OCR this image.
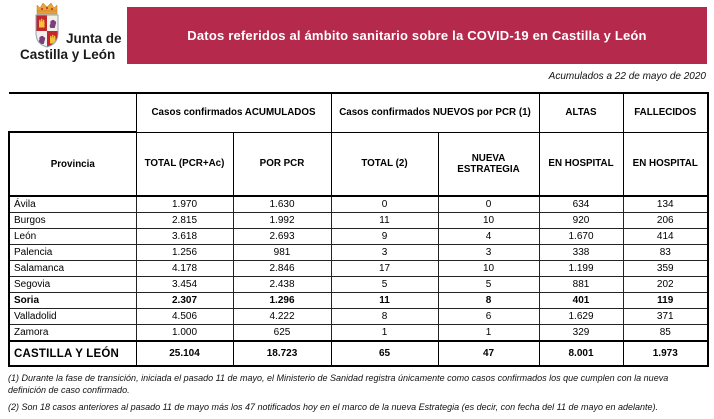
Junta de
Castilla y León
Datos referidos al ámbito sanitario sobre la COVID-19 en Castilla y León
Acumulados a 22 de mayo de 2020
	Casos confirmados ACUMULADOS		Casos confirmados NUEVOS por PCR (1)		ALTAS	FALLECIDOS
Provincia	TOTAL (PCR+Ac)	POR PCR	TOTAL (2)	NUEVA ESTRATEGIA	EN HOSPITAL	EN HOSPITAL
Ávila	1.970	1.630	0	0	634	134
Burgos	2.815	1.992	11	10	920	206
León	3.618	2.693	9	4	1.670	414
Palencia	1.256	981	3	3	338	83
Salamanca	4.178	2.846	17	10	1.199	359
Segovia	3.454	2.438	5	5	881	202
Soria	2.307	1.296	11	8	401	119
Valladolid	4.506	4.222	8	6	1.629	371
Zamora	1.000	625	1	1	329	85
CASTILLA Y LEÓN	25.104	18.723	65	47	8.001	1.973

(1) Durante la fase de transición, iniciada el pasado 11 de mayo, el Ministerio de Sanidad registra únicamente como casos confirmados los que cumplen con la nueva definición de caso confirmado.

(2) Son 18 casos anteriores al pasado 11 de mayo más los 47 notificados hoy en el marco de la nueva Estrategia (es decir, con fecha del 11 de mayo en adelante).
